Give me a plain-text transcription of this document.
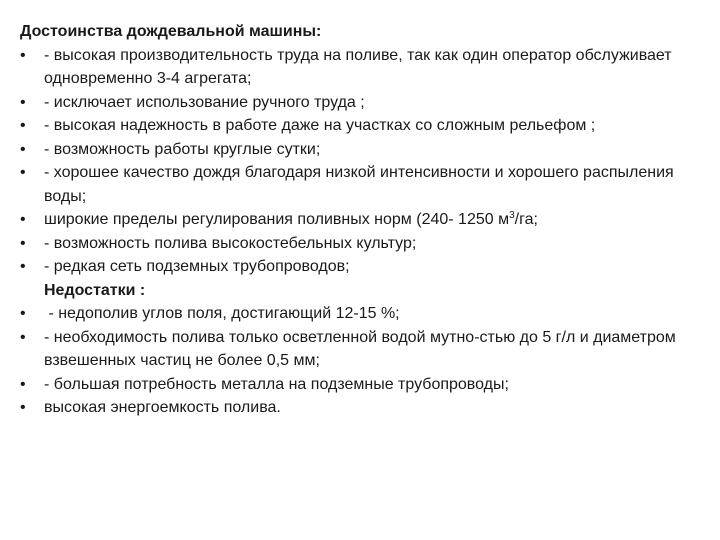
Достоинства дождевальной машины:
•	- высокая производительность труда на поливе, так как один оператор обслуживает одновременно 3-4 агрегата;
•	- исключает использование ручного труда ;
•	- высокая надежность в работе даже на участках со сложным рельефом ;
•	- возможность работы круглые сутки;
•	- хорошее качество дождя благодаря низкой интенсивности и хорошего распыления воды;
•	широкие пределы регулирования поливных норм (240- 1250 $м^3/га$;
•	- возможность полива высокостебельных культур;
•	- редкая сеть подземных трубопроводов;
Недостатки :
•	- недополив углов поля, достигающий 12-15 %;
•	- необходимость полива только осветленной водой мутно-стью до 5 г/л и диаметром взвешенных частиц не более 0,5 мм;
•	- большая потребность металла на подземные трубопроводы;
•	высокая энергоемкость полива.
